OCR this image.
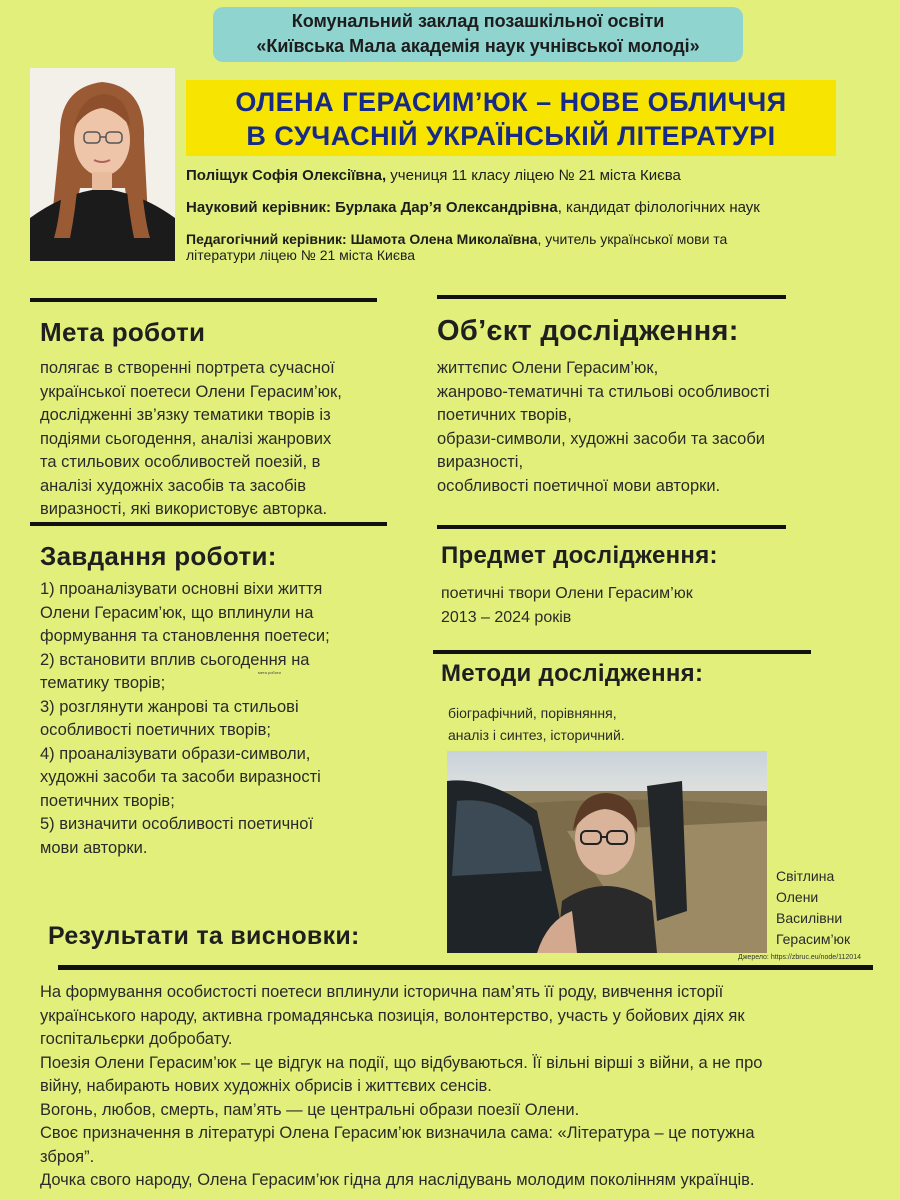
Комунальний заклад позашкільної освіти
«Київська Мала академія наук учнівської молоді»
ОЛЕНА ГЕРАСИМ’ЮК – НОВЕ ОБЛИЧЧЯ
В СУЧАСНІЙ УКРАЇНСЬКІЙ ЛІТЕРАТУРІ
Поліщук Софія Олексіївна, учениця 11 класу ліцею № 21 міста Києва
Науковий керівник: Бурлака Дар’я Олександрівна, кандидат філологічних наук
Педагогічний керівник: Шамота Олена Миколаївна, учитель української мови та
літератури ліцею № 21 міста Києва
Мета роботи
полягає в створенні портрета сучасної
української поетеси Олени Герасим’юк,
дослідженні зв’язку тематики творів із
подіями сьогодення, аналізі жанрових
та стильових особливостей поезій, в
аналізі художніх засобів та засобів
виразності, які використовує авторка.
Завдання роботи:
1) проаналізувати основні віхи життя
Олени Герасим’юк, що вплинули на
формування та становлення поетеси;
2) встановити вплив сьогодення на
тематику творів;
3) розглянути жанрові та стильові
особливості поетичних творів;
4) проаналізувати образи-символи,
художні засоби та засоби виразності
поетичних творів;
5) визначити особливості поетичної
мови авторки.
мета роботи
Об’єкт дослідження:
життєпис Олени Герасим’юк,
жанрово-тематичні та стильові особливості
поетичних творів,
образи-символи, художні засоби та засоби
виразності,
особливості поетичної мови авторки.
Предмет дослідження:
поетичні твори Олени Герасим’юк
2013 – 2024 років
Методи дослідження:
біографічний, порівняння,
аналіз і синтез, історичний.
Світлина
Олени
Василівни
Герасим’юк
Джерело: https://zbruc.eu/node/112014
Результати та висновки:
На формування особистості поетеси вплинули історична пам’ять її роду, вивчення історії
українського народу, активна громадянська позиція, волонтерство, участь у бойових діях як
госпітальєрки добробату.
Поезія Олени Герасим’юк – це відгук на події, що відбуваються. Її вільні вірші з війни, а не про
війну, набирають нових художніх обрисів і життєвих сенсів.
Вогонь, любов, смерть, пам’ять — це центральні образи поезії Олени.
Своє призначення в літературі Олена Герасим’юк визначила сама: «Література – це потужна
зброя”.
Дочка свого народу, Олена Герасим’юк гідна для наслідувань молодим поколінням українців.
